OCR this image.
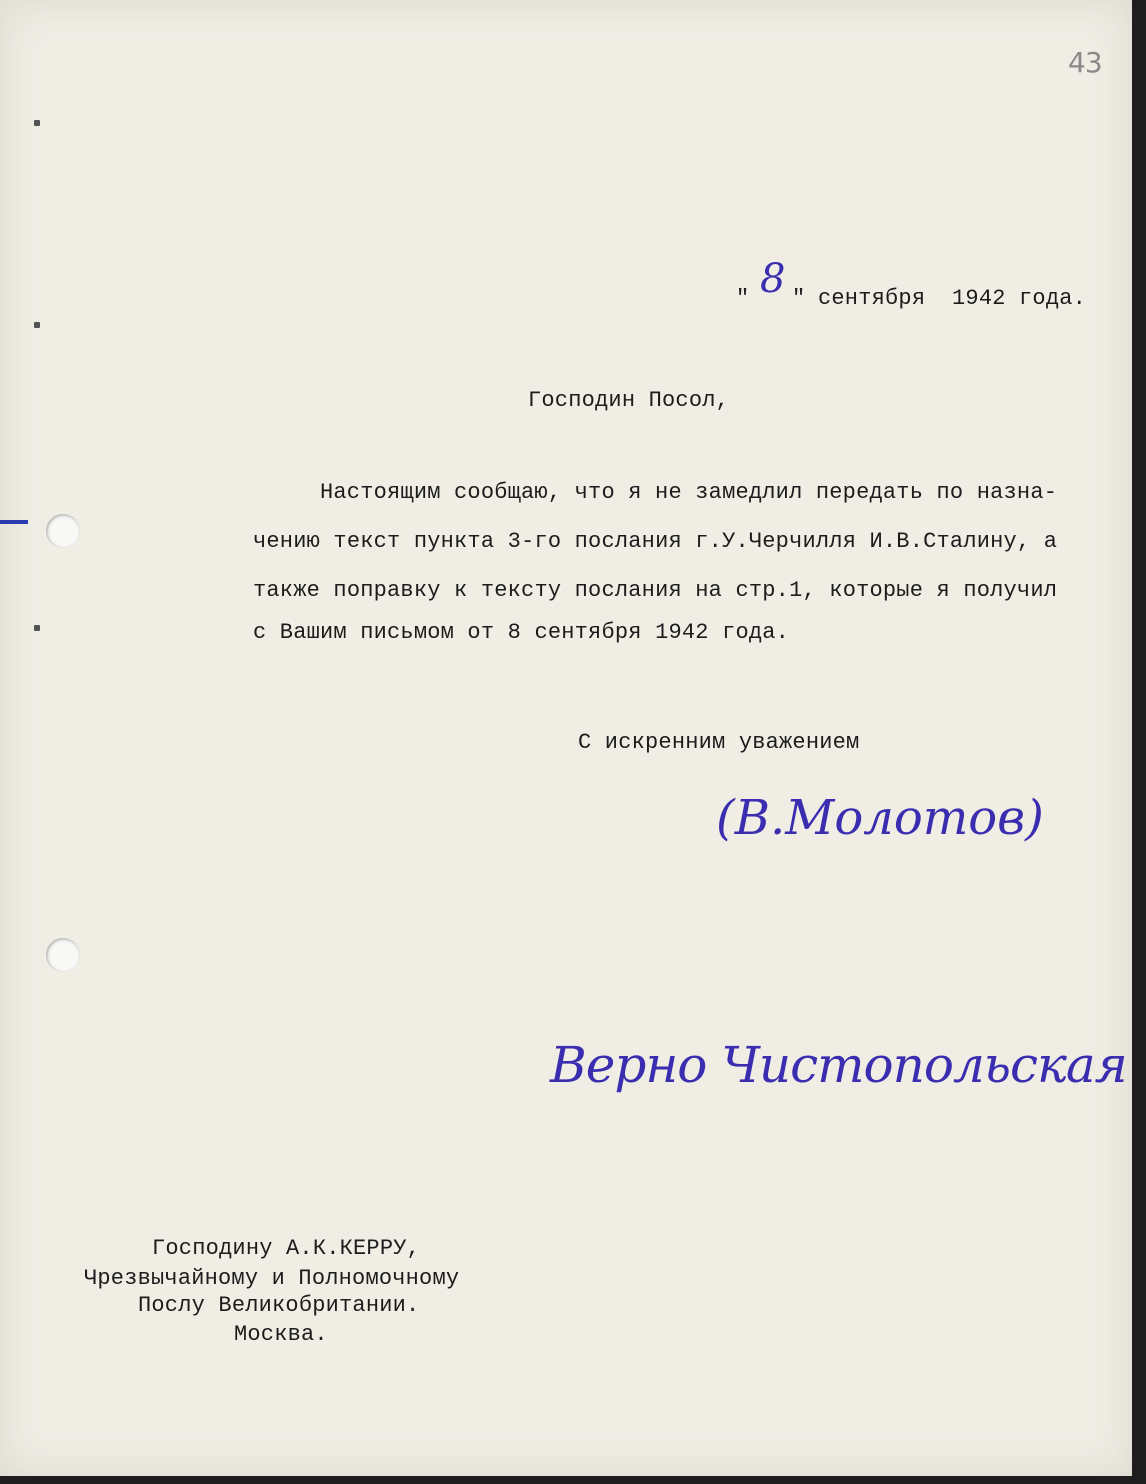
43
" 8 " сентября  1942 года.
Господин Посол,
Настоящим сообщаю, что я не замедлил передать по назна-
чению текст пункта 3-го послания г.У.Черчилля И.В.Сталину, а
также поправку к тексту послания на стр.1, которые я получил
с Вашим письмом от 8 сентября 1942 года.
С искренним уважением
(В.Молотов)
Верно Чистопольская
Господину А.К.КЕРРУ,
Чрезвычайному и Полномочному
Послу Великобритании.
Москва.
